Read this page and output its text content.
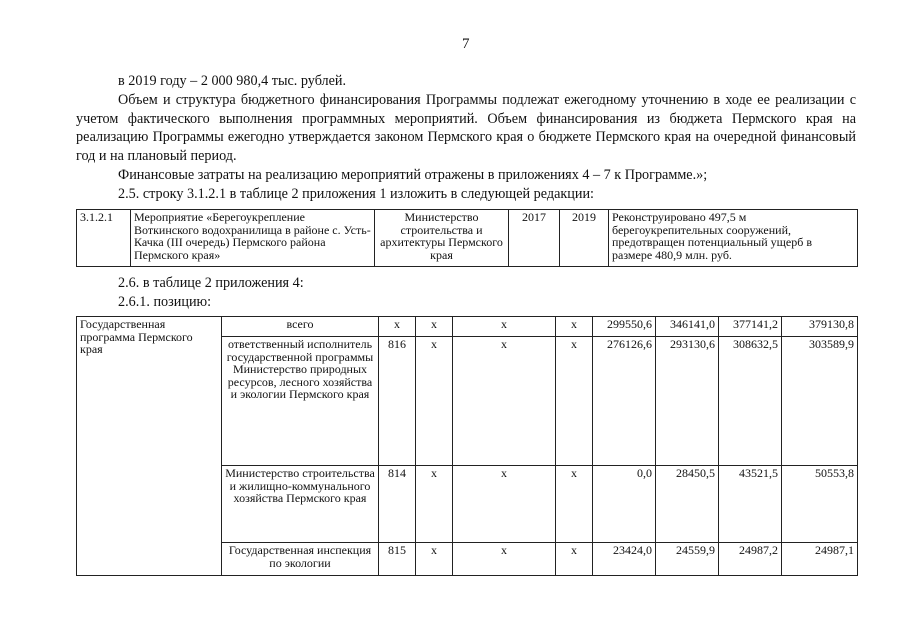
7
в 2019 году – 2 000 980,4 тыс. рублей.
Объем и структура бюджетного финансирования Программы подлежат ежегодному уточнению в ходе ее реализации с учетом фактического выполнения программных мероприятий. Объем финансирования из бюджета Пермского края на реализацию Программы ежегодно утверждается законом Пермского края о бюджете Пермского края на очередной финансовый год и на плановый период.
Финансовые затраты на реализацию мероприятий отражены в приложениях 4 – 7 к Программе.»;
2.5. строку 3.1.2.1 в таблице 2 приложения 1 изложить в следующей редакции:
3.1.2.1	Мероприятие «Берегоукрепление Воткинского водохранилища в районе с. Усть-Качка (III очередь) Пермского района Пермского края»	Министерство строительства и архитектуры Пермского края	2017	2019	Реконструировано 497,5 м берегоукрепительных сооружений, предотвращен потенциальный ущерб в размере 480,9 млн. руб.
2.6. в таблице 2 приложения 4:
2.6.1. позицию:
Государственная программа Пермского края	всего	x	x	x	x	299550,6	346141,0	377141,2	379130,8
	ответственный исполнитель государственной программы Министерство природных ресурсов, лесного хозяйства и экологии Пермского края	816	x	x	x	276126,6	293130,6	308632,5	303589,9
	Министерство строительства и жилищно-коммунального хозяйства Пермского края	814	x	x	x	0,0	28450,5	43521,5	50553,8
	Государственная инспекция по экологии	815	x	x	x	23424,0	24559,9	24987,2	24987,1
